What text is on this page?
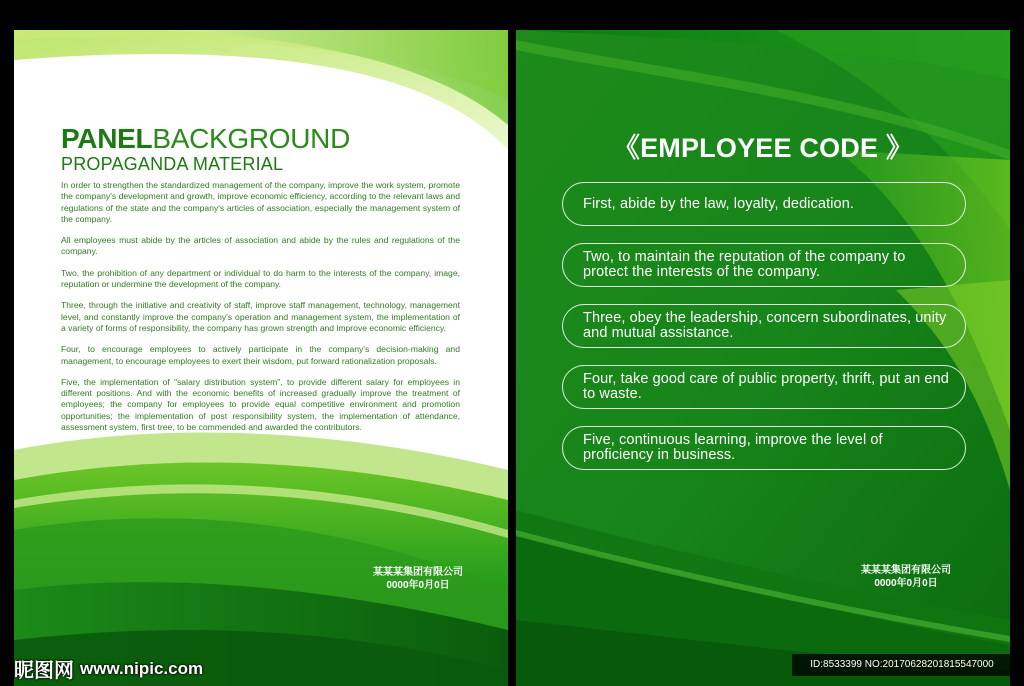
PANELBACKGROUND
PROPAGANDA MATERIAL

In order to strengthen the standardized management of the company, improve the work system, promote the company's development and growth, improve economic efficiency, according to the relevant laws and regulations of the state and the company's articles of association, especially the management system of the company.

All employees must abide by the articles of association and abide by the rules and regulations of the company.

Two, the prohibition of any department or individual to do harm to the interests of the company, image, reputation or undermine the development of the company.

Three, through the initiative and creativity of staff, improve staff management, technology, management level, and constantly improve the company's operation and management system, the implementation of a variety of forms of responsibility, the company has grown strength and improve economic efficiency.

Four, to encourage employees to actively participate in the company's decision-making and management, to encourage employees to exert their wisdom, put forward rationalization proposals.

Five, the implementation of "salary distribution system", to provide different salary for employees in different positions. And with the economic benefits of increased gradually improve the treatment of employees; the company for employees to provide equal competitive environment and promotion opportunities; the implementation of post responsibility system, the implementation of attendance, assessment system, first tree, to be commended and awarded the contributors.

某某某集团有限公司
0000年0月0日
《EMPLOYEE CODE 》
First, abide by the law, loyalty, dedication.
Two, to maintain the reputation of the company to protect the interests of the company.
Three, obey the leadership, concern subordinates, unity and mutual assistance.
Four, take good care of public property, thrift, put an end to waste.
Five, continuous learning, improve the level of proficiency in business.
某某某集团有限公司
0000年0月0日
昵图网 www.nipic.com	ID:8533399 NO:20170628201815547000
